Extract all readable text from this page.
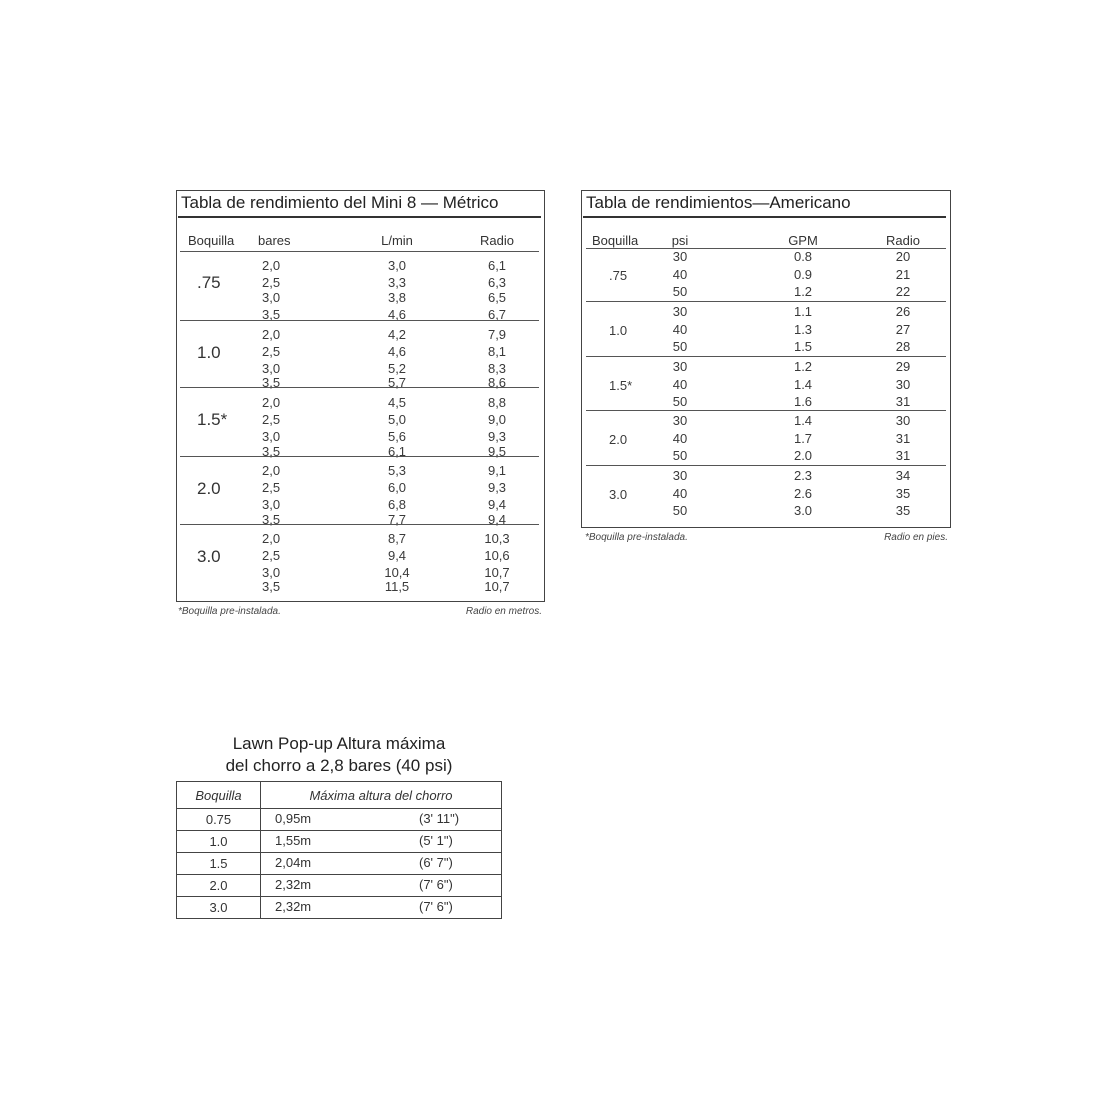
Tabla de rendimiento del Mini 8 — Métrico
Boquilla bares	L/min	Radio
.75
2,0	3,0	6,1
2,5	3,3	6,3
3,0	3,8	6,5
3,5	4,6	6,7
1.0
2,0	4,2	7,9
2,5	4,6	8,1
3,0	5,2	8,3
3,5	5,7	8,6
1.5*
2,0	4,5	8,8
2,5	5,0	9,0
3,0	5,6	9,3
3,5	6,1	9,5
2.0
2,0	5,3	9,1
2,5	6,0	9,3
3,0	6,8	9,4
3,5	7,7	9,4
3.0
2,0	8,7	10,3
2,5	9,4	10,6
3,0	10,4	10,7
3,5	11,5	10,7
*Boquilla pre-instalada.	Radio en metros.
Tabla de rendimientos—Americano
Boquilla	psi	GPM	Radio
.75
30	0.8	20
40	0.9	21
50	1.2	22
1.0
30	1.1	26
40	1.3	27
50	1.5	28
1.5*
30	1.2	29
40	1.4	30
50	1.6	31
2.0
30	1.4	30
40	1.7	31
50	2.0	31
3.0
30	2.3	34
40	2.6	35
50	3.0	35
*Boquilla pre-instalada.	Radio en pies.
Lawn Pop-up Altura máxima
del chorro a 2,8 bares (40 psi)
Boquilla	Máxima altura del chorro
0.75	0,95m (3' 11")

1.0	1,55m (5' 1")

1.5	2,04m (6' 7")

2.0	2,32m (7' 6")

3.0	2,32m (7' 6")
